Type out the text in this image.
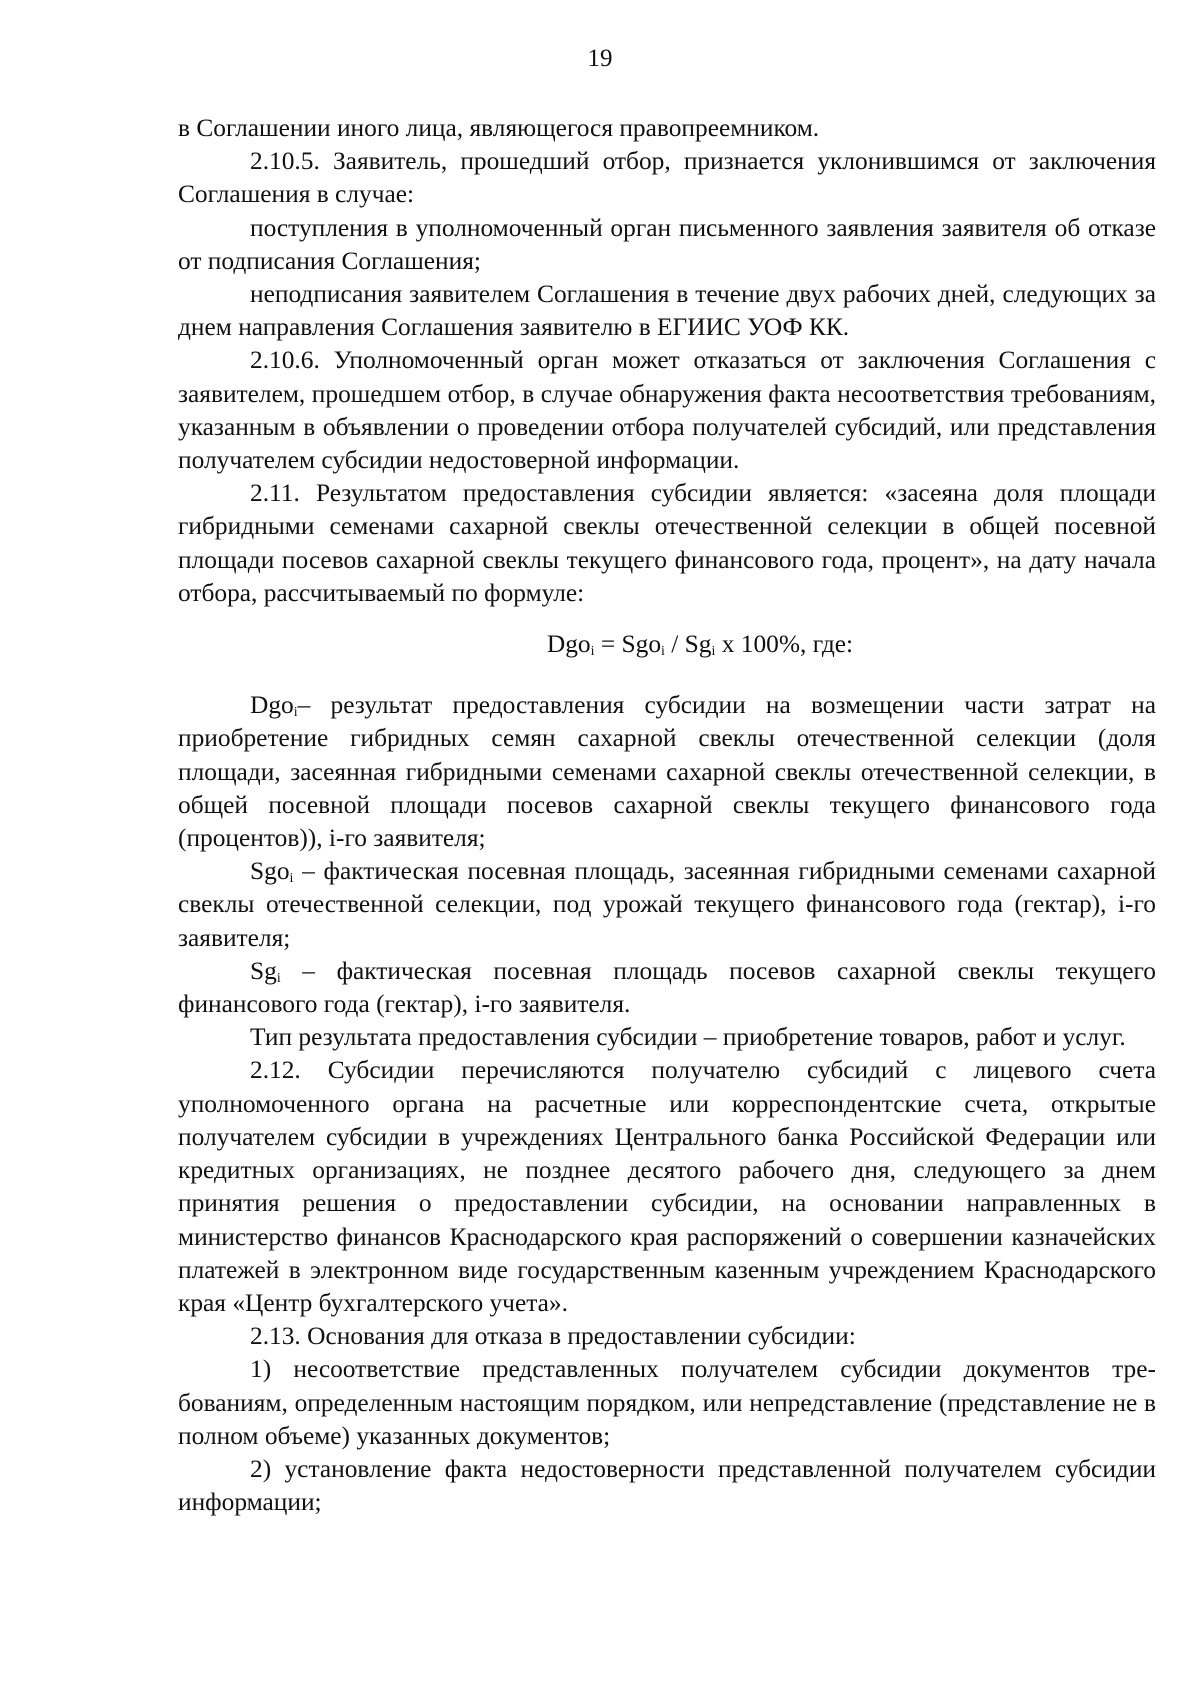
19

в Соглашении иного лица, являющегося правопреемником.

2.10.5. Заявитель, прошедший отбор, признается уклонившимся от заключения Соглашения в случае:

поступления в уполномоченный орган письменного заявления заявителя об отказе от подписания Соглашения;

неподписания заявителем Соглашения в течение двух рабочих дней, следующих за днем направления Соглашения заявителю в ЕГИИС УОФ КК.

2.10.6. Уполномоченный орган может отказаться от заключения Соглашения с заявителем, прошедшем отбор, в случае обнаружения факта несоответствия требованиям, указанным в объявлении о проведении отбора получателей субсидий, или представления получателем субсидии недостоверной информации.

2.11. Результатом предоставления субсидии является: «засеяна доля площади гибридными семенами сахарной свеклы отечественной селекции в общей посевной площади посевов сахарной свеклы текущего финансового года, процент», на дату начала отбора, рассчитываемый по формуле:

$Dgo_i = Sgo_i / Sg_i$ x 100%, где:

Dgo$_i$– результат предоставления субсидии на возмещении части затрат на приобретение гибридных семян сахарной свеклы отечественной селекции (доля площади, засеянная гибридными семенами сахарной свеклы отечественной селекции, в общей посевной площади посевов сахарной свеклы текущего финансового года (процентов)), i-го заявителя;

Sgo$_i$ – фактическая посевная площадь, засеянная гибридными семенами сахарной свеклы отечественной селекции, под урожай текущего финансового года (гектар), i-го заявителя;

$Sg_i$ – фактическая посевная площадь посевов сахарной свеклы текущего финансового года (гектар), i-го заявителя.

Тип результата предоставления субсидии – приобретение товаров, работ и услуг.

2.12. Субсидии перечисляются получателю субсидий с лицевого счета уполномоченного органа на расчетные или корреспондентские счета, открытые получателем субсидии в учреждениях Центрального банка Российской Федерации или кредитных организациях, не позднее десятого рабочего дня, следующего за днем принятия решения о предоставлении субсидии, на основании направленных в министерство финансов Краснодарского края распоряжений о совершении казначейских платежей в электронном виде государственным казенным учреждением Краснодарского края «Центр бухгалтерского учета».

2.13. Основания для отказа в предоставлении субсидии:

1) несоответствие представленных получателем субсидии документов требованиям, определенным настоящим порядком, или непредставление (представление не в полном объеме) указанных документов;

2) установление факта недостоверности представленной получателем субсидии информации;
